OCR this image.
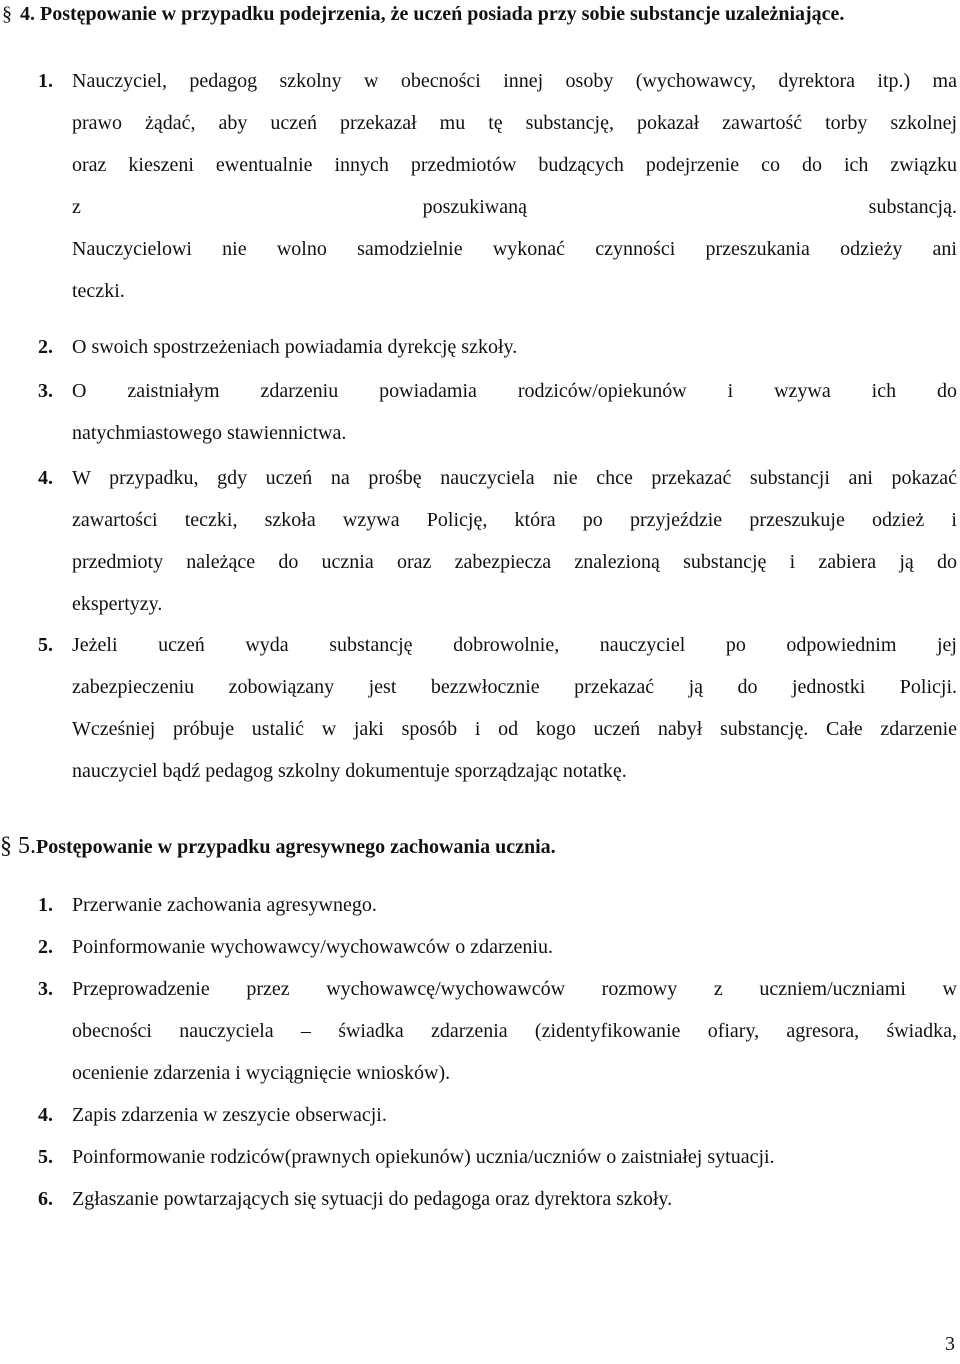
§ 4. Postępowanie w przypadku podejrzenia, że uczeń posiada przy sobie substancje uzależniające.
1. Nauczyciel, pedagog szkolny w obecności innej osoby (wychowawcy, dyrektora itp.) ma
prawo żądać, aby uczeń przekazał mu tę substancję, pokazał zawartość torby szkolnej
oraz kieszeni ewentualnie innych przedmiotów budzących podejrzenie co do ich związku
z poszukiwaną substancją.
Nauczycielowi nie wolno samodzielnie wykonać czynności przeszukania odzieży ani
teczki.
2. O swoich spostrzeżeniach powiadamia dyrekcję szkoły.
3. O zaistniałym zdarzeniu powiadamia rodziców/opiekunów i wzywa ich do
natychmiastowego stawiennictwa.
4. W przypadku, gdy uczeń na prośbę nauczyciela nie chce przekazać substancji ani pokazać
zawartości teczki, szkoła wzywa Policję, która po przyjeździe przeszukuje odzież i
przedmioty należące do ucznia oraz zabezpiecza znalezioną substancję i zabiera ją do
ekspertyzy.
5. Jeżeli uczeń wyda substancję dobrowolnie, nauczyciel po odpowiednim jej
zabezpieczeniu zobowiązany jest bezzwłocznie przekazać ją do jednostki Policji.
Wcześniej próbuje ustalić w jaki sposób i od kogo uczeń nabył substancję. Całe zdarzenie
nauczyciel bądź pedagog szkolny dokumentuje sporządzając notatkę.
§ 5.Postępowanie w przypadku agresywnego zachowania ucznia.
1. Przerwanie zachowania agresywnego.
2. Poinformowanie wychowawcy/wychowawców o zdarzeniu.
3. Przeprowadzenie przez wychowawcę/wychowawców rozmowy z uczniem/uczniami w
obecności nauczyciela – świadka zdarzenia (zidentyfikowanie ofiary, agresora, świadka,
ocenienie zdarzenia i wyciągnięcie wniosków).
4. Zapis zdarzenia w zeszycie obserwacji.
5. Poinformowanie rodziców(prawnych opiekunów) ucznia/uczniów o zaistniałej sytuacji.
6. Zgłaszanie powtarzających się sytuacji do pedagoga oraz dyrektora szkoły.
3
